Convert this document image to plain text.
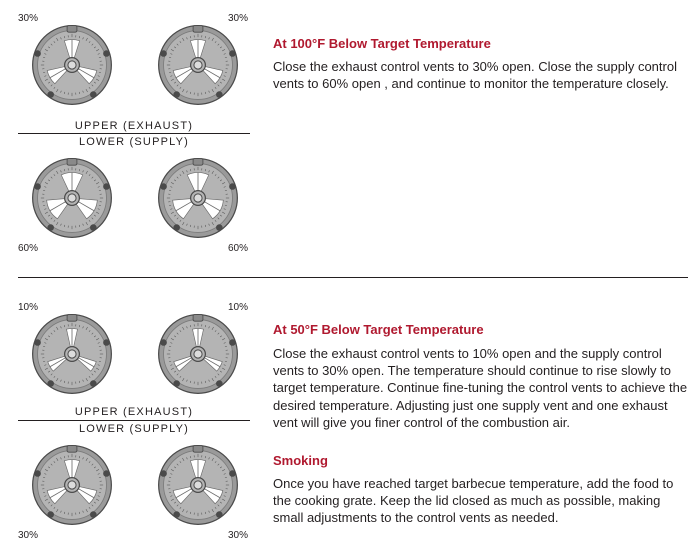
30%	30%
UPPER (EXHAUST)
LOWER (SUPPLY)
60%	60%
At 100°F Below Target Temperature

Close the exhaust control vents to 30% open. Close the supply control vents to 60% open , and continue to monitor the temperature closely.

10%	10%
UPPER (EXHAUST)
LOWER (SUPPLY)
30%	30%
At 50°F Below Target Temperature

Close the exhaust control vents to 10% open and the supply control vents to 30% open. The temperature should continue to rise slowly to target temperature. Continue fine-tuning the control vents to achieve the desired temperature. Adjusting just one supply vent and one exhaust vent will give you finer control of the combustion air.

Smoking

Once you have reached target barbecue temperature, add the food to the cooking grate. Keep the lid closed as much as possible, making small adjustments to the control vents as needed.
